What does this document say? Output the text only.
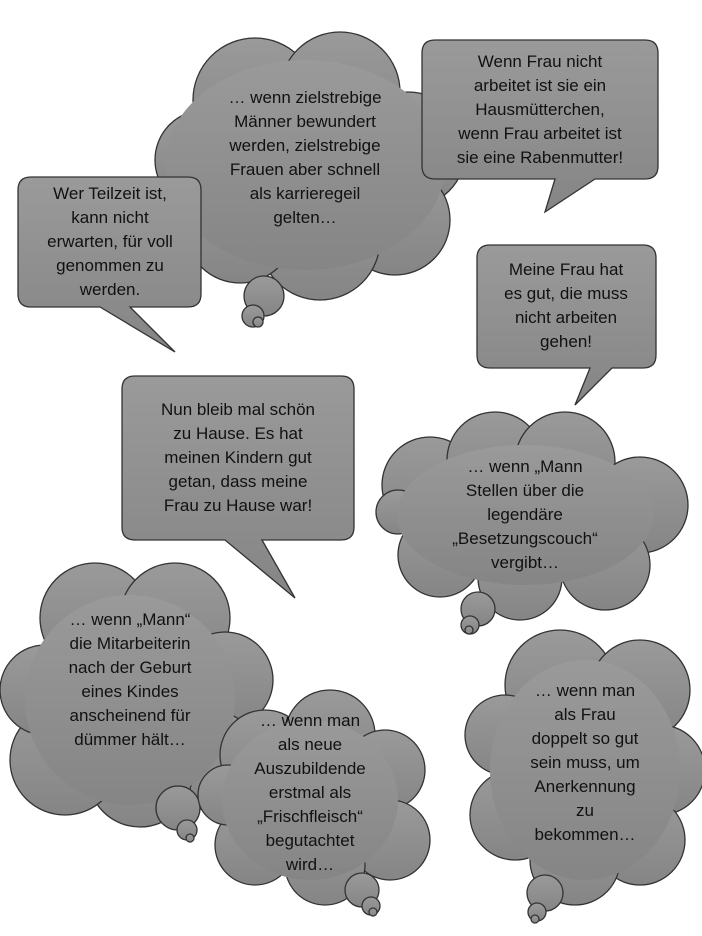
… wenn zielstrebige
Männer bewundert
werden, zielstrebige
Frauen aber schnell
als karrieregeil
gelten…
Wenn Frau nicht
arbeitet ist sie ein
Hausmütterchen,
wenn Frau arbeitet ist
sie eine Rabenmutter!
Wer Teilzeit ist,
kann nicht
erwarten, für voll
genommen zu
werden.
Meine Frau hat
es gut, die muss
nicht arbeiten
gehen!
Nun bleib mal schön
zu Hause. Es hat
meinen Kindern gut
getan, dass meine
Frau zu Hause war!
… wenn „Mann
Stellen über die
legendäre
„Besetzungscouch“
vergibt…
… wenn „Mann“
die Mitarbeiterin
nach der Geburt
eines Kindes
anscheinend für
dümmer hält…
… wenn man
als neue
Auszubildende
erstmal als
„Frischfleisch“
begutachtet
wird…
… wenn man
als Frau
doppelt so gut
sein muss, um
Anerkennung
zu
bekommen…
